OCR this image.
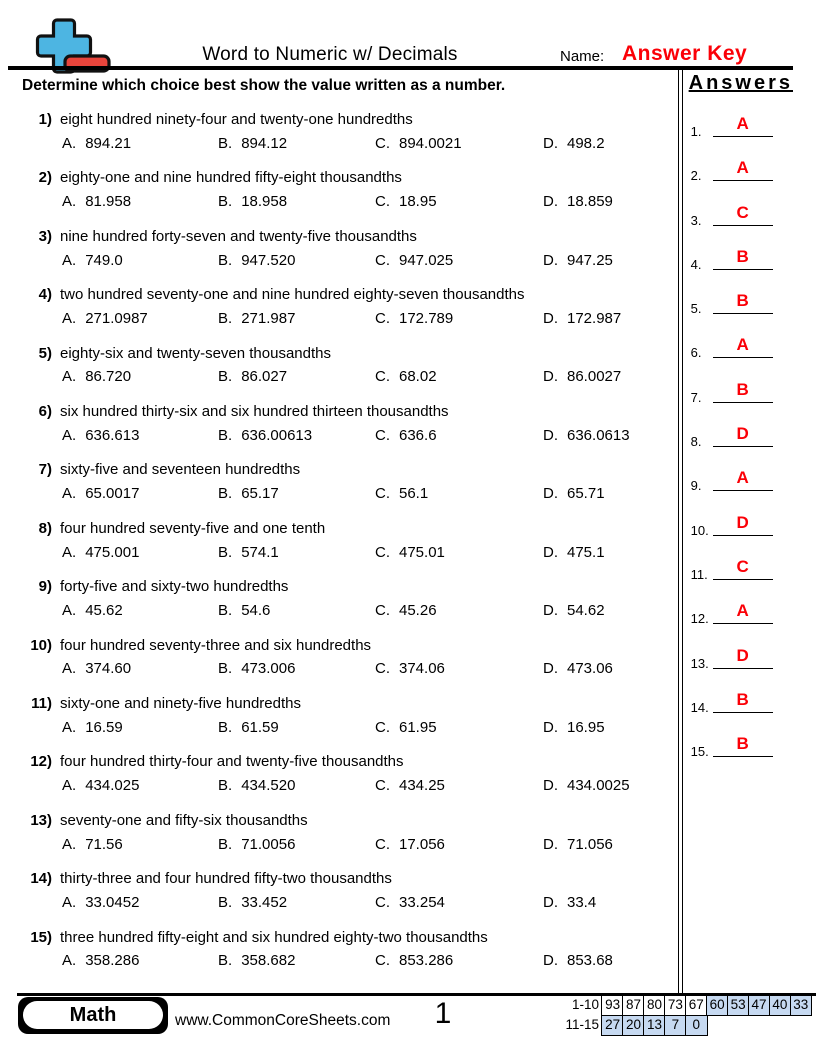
Word to Numeric w/ Decimals	Name: Answer Key
Determine which choice best show the value written as a number.
1) eight hundred ninety-four and twenty-one hundredths
A. 894.21	B. 894.12	C. 894.0021	D. 498.2
2) eighty-one and nine hundred fifty-eight thousandths
A. 81.958	B. 18.958	C. 18.95	D. 18.859
3) nine hundred forty-seven and twenty-five thousandths
A. 749.0	B. 947.520	C. 947.025	D. 947.25
4) two hundred seventy-one and nine hundred eighty-seven thousandths
A. 271.0987	B. 271.987	C. 172.789	D. 172.987
5) eighty-six and twenty-seven thousandths
A. 86.720	B. 86.027	C. 68.02	D. 86.0027
6) six hundred thirty-six and six hundred thirteen thousandths
A. 636.613	B. 636.00613	C. 636.6	D. 636.0613
7) sixty-five and seventeen hundredths
A. 65.0017	B. 65.17	C. 56.1	D. 65.71
8) four hundred seventy-five and one tenth
A. 475.001	B. 574.1	C. 475.01	D. 475.1
9) forty-five and sixty-two hundredths
A. 45.62	B. 54.6	C. 45.26	D. 54.62
10) four hundred seventy-three and six hundredths
A. 374.60	B. 473.006	C. 374.06	D. 473.06
11) sixty-one and ninety-five hundredths
A. 16.59	B. 61.59	C. 61.95	D. 16.95
12) four hundred thirty-four and twenty-five thousandths
A. 434.025	B. 434.520	C. 434.25	D. 434.0025
13) seventy-one and fifty-six thousandths
A. 71.56	B. 71.0056	C. 17.056	D. 71.056
14) thirty-three and four hundred fifty-two thousandths
A. 33.0452	B. 33.452	C. 33.254	D. 33.4
15) three hundred fifty-eight and six hundred eighty-two thousandths
A. 358.286	B. 358.682	C. 853.286	D. 853.68
Answers
1.	A
2.	A
3.	C
4.	B
5.	B
6.	A
7.	B
8.	D
9.	A
10.	D
11.	C
12.	A
13.	D
14.	B
15.	B
Math	www.CommonCoreSheets.com	1	1-10 93 87 80 73 67 60 53 47 40 33
11-15 27 20 13 7 0
